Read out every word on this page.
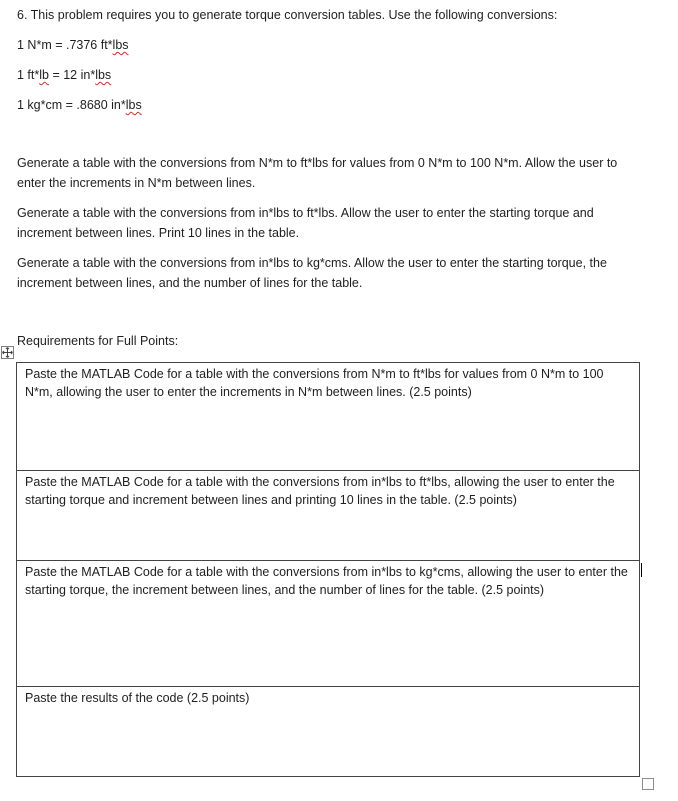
6. This problem requires you to generate torque conversion tables. Use the following conversions:
1 N*m = .7376 ft*lbs
1 ft*lb = 12 in*lbs
1 kg*cm = .8680 in*lbs
Generate a table with the conversions from N*m to ft*lbs for values from 0 N*m to 100 N*m. Allow the user to enter the increments in N*m between lines.
Generate a table with the conversions from in*lbs to ft*lbs. Allow the user to enter the starting torque and increment between lines. Print 10 lines in the table.
Generate a table with the conversions from in*lbs to kg*cms. Allow the user to enter the starting torque, the increment between lines, and the number of lines for the table.
Requirements for Full Points:
Paste the MATLAB Code for a table with the conversions from N*m to ft*lbs for values from 0 N*m to 100 N*m, allowing the user to enter the increments in N*m between lines. (2.5 points)
Paste the MATLAB Code for a table with the conversions from in*lbs to ft*lbs, allowing the user to enter the starting torque and increment between lines and printing 10 lines in the table. (2.5 points)
Paste the MATLAB Code for a table with the conversions from in*lbs to kg*cms, allowing the user to enter the starting torque, the increment between lines, and the number of lines for the table. (2.5 points)
Paste the results of the code (2.5 points)
